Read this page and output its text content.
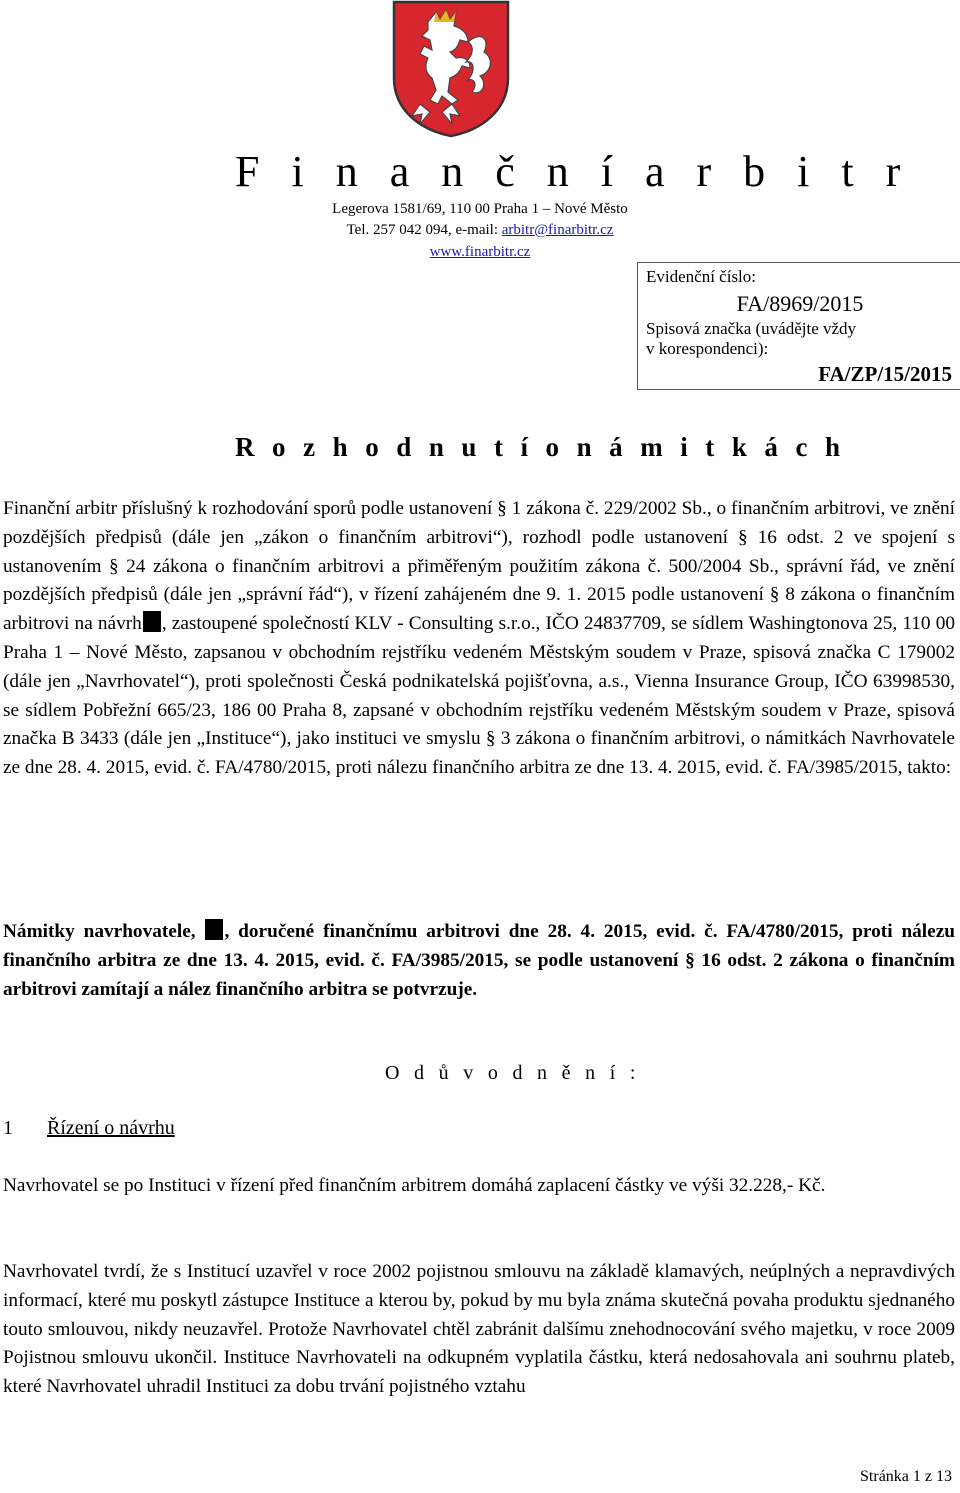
F i n a n č n í a r b i t r
Legerova 1581/69, 110 00 Praha 1 – Nové Město
Tel. 257 042 094, e-mail: arbitr@finarbitr.cz
www.finarbitr.cz
Evidenční číslo:
FA/8969/2015
Spisová značka (uvádějte vždy
v korespondenci):
FA/ZP/15/2015
R o z h o d n u t í o n á m i t k á c h
Finanční arbitr příslušný k rozhodování sporů podle ustanovení § 1 zákona č. 229/2002 Sb., o finančním arbitrovi, ve znění pozdějších předpisů (dále jen „zákon o finančním arbitrovi“), rozhodl podle ustanovení § 16 odst. 2 ve spojení s ustanovením § 24 zákona o finančním arbitrovi a přiměřeným použitím zákona č. 500/2004 Sb., správní řád, ve znění pozdějších předpisů (dále jen „správní řád“), v řízení zahájeném dne 9. 1. 2015 podle ustanovení § 8 zákona o finančním arbitrovi na návrh , zastoupené společností KLV - Consulting s.r.o., IČO 24837709, se sídlem Washingtonova 25, 110 00 Praha 1 – Nové Město, zapsanou v obchodním rejstříku vedeném Městským soudem v Praze, spisová značka C 179002 (dále jen „Navrhovatel“), proti společnosti Česká podnikatelská pojišťovna, a.s., Vienna Insurance Group, IČO 63998530, se sídlem Pobřežní 665/23, 186 00 Praha 8, zapsané v obchodním rejstříku vedeném Městským soudem v Praze, spisová značka B 3433 (dále jen „Instituce“), jako instituci ve smyslu § 3 zákona o finančním arbitrovi, o námitkách Navrhovatele ze dne 28. 4. 2015, evid. č. FA/4780/2015, proti nálezu finančního arbitra ze dne 13. 4. 2015, evid. č. FA/3985/2015, takto:
Námitky navrhovatele, , doručené finančnímu arbitrovi dne 28. 4. 2015, evid. č. FA/4780/2015, proti nálezu finančního arbitra ze dne 13. 4. 2015, evid. č. FA/3985/2015, se podle ustanovení § 16 odst. 2 zákona o finančním arbitrovi zamítají a nález finančního arbitra se potvrzuje.
O d ů v o d n ě n í :
1 Řízení o návrhu
Navrhovatel se po Instituci v řízení před finančním arbitrem domáhá zaplacení částky ve výši 32.228,- Kč.
Navrhovatel tvrdí, že s Institucí uzavřel v roce 2002 pojistnou smlouvu na základě klamavých, neúplných a nepravdivých informací, které mu poskytl zástupce Instituce a kterou by, pokud by mu byla známa skutečná povaha produktu sjednaného touto smlouvou, nikdy neuzavřel. Protože Navrhovatel chtěl zabránit dalšímu znehodnocování svého majetku, v roce 2009 Pojistnou smlouvu ukončil. Instituce Navrhovateli na odkupném vyplatila částku, která nedosahovala ani souhrnu plateb, které Navrhovatel uhradil Instituci za dobu trvání pojistného vztahu
Stránka 1 z 13
